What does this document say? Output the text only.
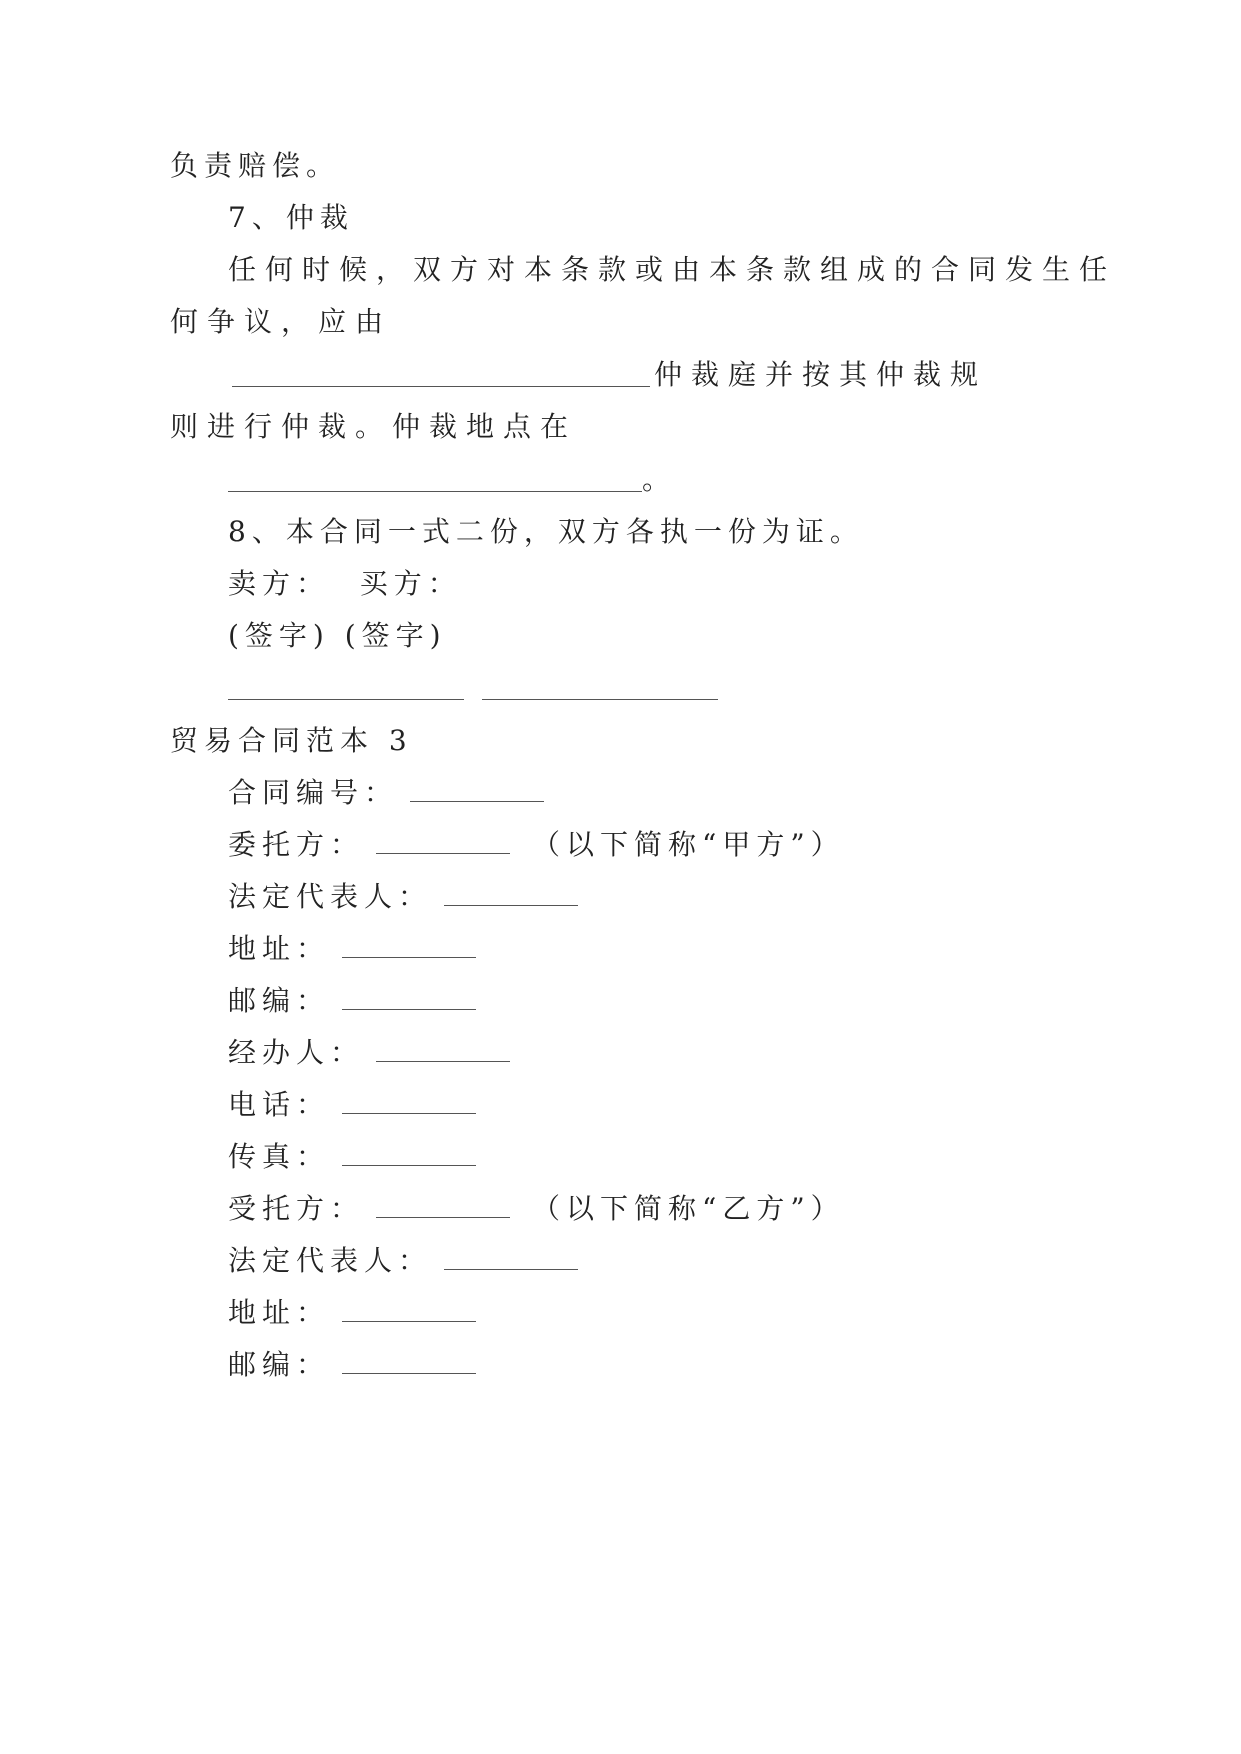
负责赔偿。
7、仲裁
任何时候，双方对本条款或由本条款组成的合同发生任
何争议，应由
仲裁庭并按其仲裁规
则进行仲裁。仲裁地点在
。
8、本合同一式二份，双方各执一份为证。
卖方：  买方：
(签字) (签字)
贸易合同范本 3
合同编号：
委托方：	（以下简称“甲方”）
法定代表人：
地址：
邮编：
经办人：
电话：
传真：
受托方：	（以下简称“乙方”）
法定代表人：
地址：
邮编：
